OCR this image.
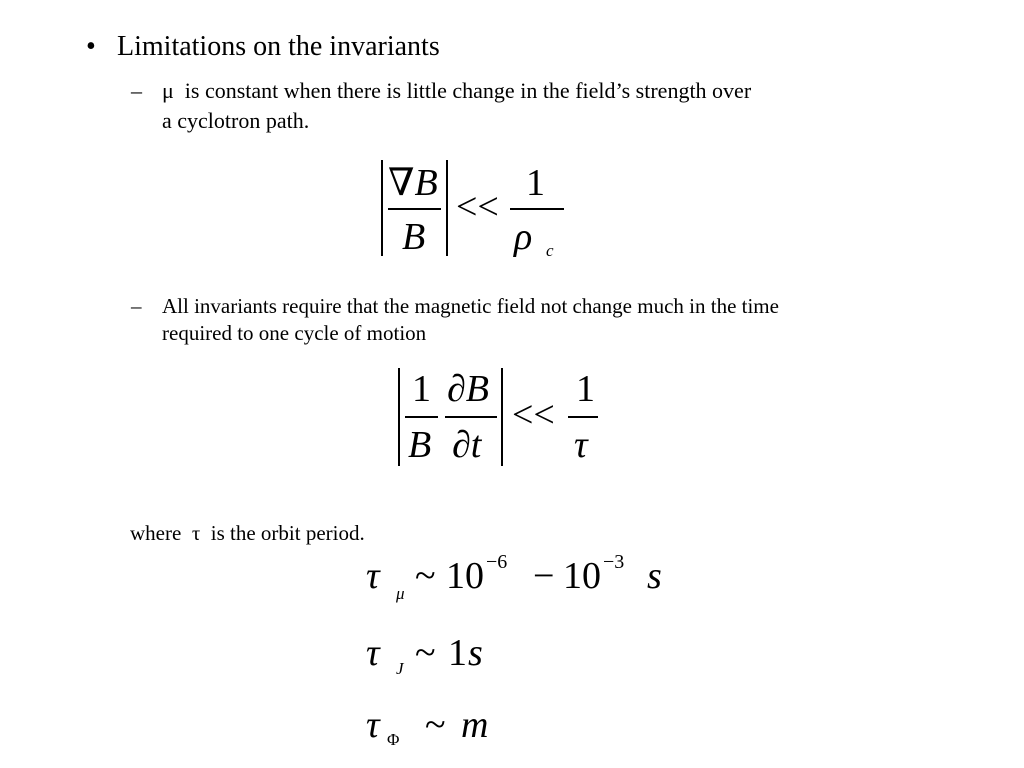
• Limitations on the invariants
– μ is constant when there is little change in the field’s strength over
a cyclotron path.
∇B
B
<<
1
ρ c
– All invariants require that the magnetic field not change much in the time
required to one cycle of motion
1
B
∂B
∂t
<<
1
τ
where τ is the orbit period.
τ μ ~ 10 −6 − 10 −3 s
τ J ~ 1 s
τ Φ ~ m
